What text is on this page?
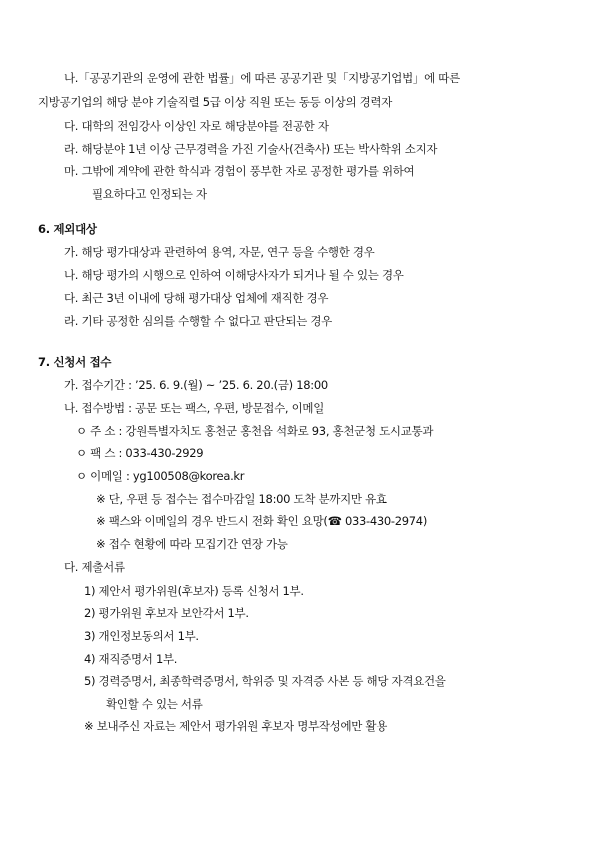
나.「공공기관의 운영에 관한 법률」에 따른 공공기관 및「지방공기업법」에 따른
지방공기업의 해당 분야 기술직렬 5급 이상 직원 또는 동등 이상의 경력자
다. 대학의 전임강사 이상인 자로 해당분야를 전공한 자
라. 해당분야 1년 이상 근무경력을 가진 기술사(건축사) 또는 박사학위 소지자
마. 그밖에 계약에 관한 학식과 경험이 풍부한 자로 공정한 평가를 위하여
필요하다고 인정되는 자
6. 제외대상
가. 해당 평가대상과 관련하여 용역, 자문, 연구 등을 수행한 경우
나. 해당 평가의 시행으로 인하여 이해당사자가 되거나 될 수 있는 경우
다. 최근 3년 이내에 당해 평가대상 업체에 재직한 경우
라. 기타 공정한 심의를 수행할 수 없다고 판단되는 경우
7. 신청서 접수
가. 접수기간 : ’25. 6. 9.(월) ~ ’25. 6. 20.(금) 18:00
나. 접수방법 : 공문 또는 팩스, 우편, 방문접수, 이메일
ㅇ 주 소 : 강원특별자치도 홍천군 홍천읍 석화로 93, 홍천군청 도시교통과
ㅇ 팩 스 : 033-430-2929
ㅇ 이메일 : yg100508@korea.kr
※ 단, 우편 등 접수는 접수마감일 18:00 도착 분까지만 유효
※ 팩스와 이메일의 경우 반드시 전화 확인 요망(☎ 033-430-2974)
※ 접수 현황에 따라 모집기간 연장 가능
다. 제출서류
1) 제안서 평가위원(후보자) 등록 신청서 1부.
2) 평가위원 후보자 보안각서 1부.
3) 개인정보동의서 1부.
4) 재직증명서 1부.
5) 경력증명서, 최종학력증명서, 학위증 및 자격증 사본 등 해당 자격요건을
확인할 수 있는 서류
※ 보내주신 자료는 제안서 평가위원 후보자 명부작성에만 활용
